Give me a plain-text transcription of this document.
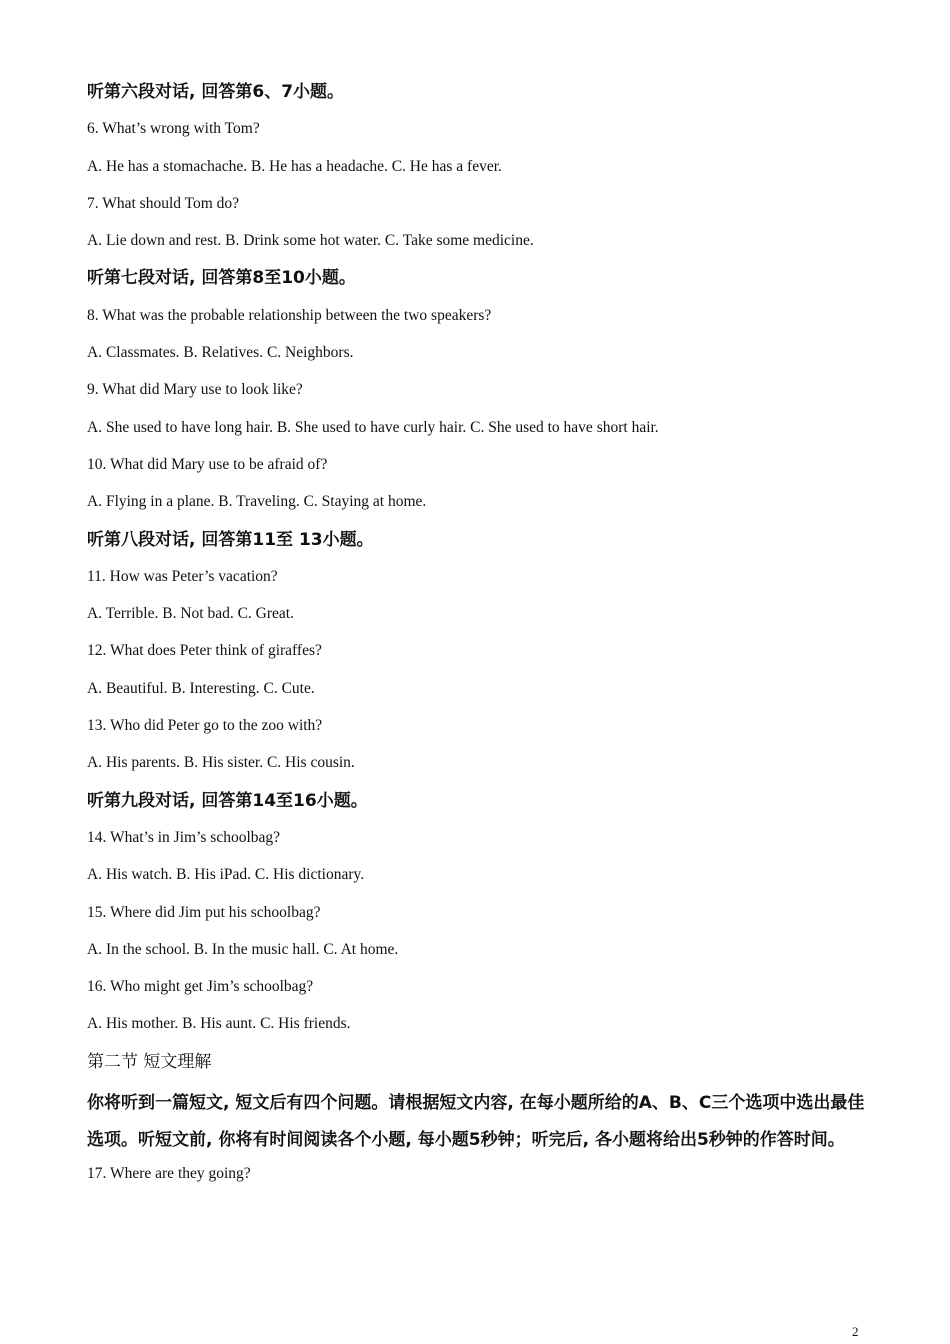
听第六段对话, 回答第6、7小题。
6. What’s wrong with Tom?
A. He has a stomachache. B. He has a headache. C. He has a fever.
7. What should Tom do?
A. Lie down and rest. B. Drink some hot water. C. Take some medicine.
听第七段对话, 回答第8至10小题。
8. What was the probable relationship between the two speakers?
A. Classmates. B. Relatives. C. Neighbors.
9. What did Mary use to look like?
A. She used to have long hair. B. She used to have curly hair. C. She used to have short hair.
10. What did Mary use to be afraid of?
A. Flying in a plane. B. Traveling. C. Staying at home.
听第八段对话, 回答第11至 13小题。
11. How was Peter’s vacation?
A. Terrible. B. Not bad. C. Great.
12. What does Peter think of giraffes?
A. Beautiful. B. Interesting. C. Cute.
13. Who did Peter go to the zoo with?
A. His parents. B. His sister. C. His cousin.
听第九段对话, 回答第14至16小题。
14. What’s in Jim’s schoolbag?
A. His watch. B. His iPad. C. His dictionary.
15. Where did Jim put his schoolbag?
A. In the school. B. In the music hall. C. At home.
16. Who might get Jim’s schoolbag?
A. His mother. B. His aunt. C. His friends.
第二节 短文理解
你将听到一篇短文, 短文后有四个问题。请根据短文内容, 在每小题所给的A、B、C三个选项中选出最佳选项。听短文前, 你将有时间阅读各个小题, 每小题5秒钟；听完后, 各小题将给出5秒钟的作答时间。
17. Where are they going?
2
